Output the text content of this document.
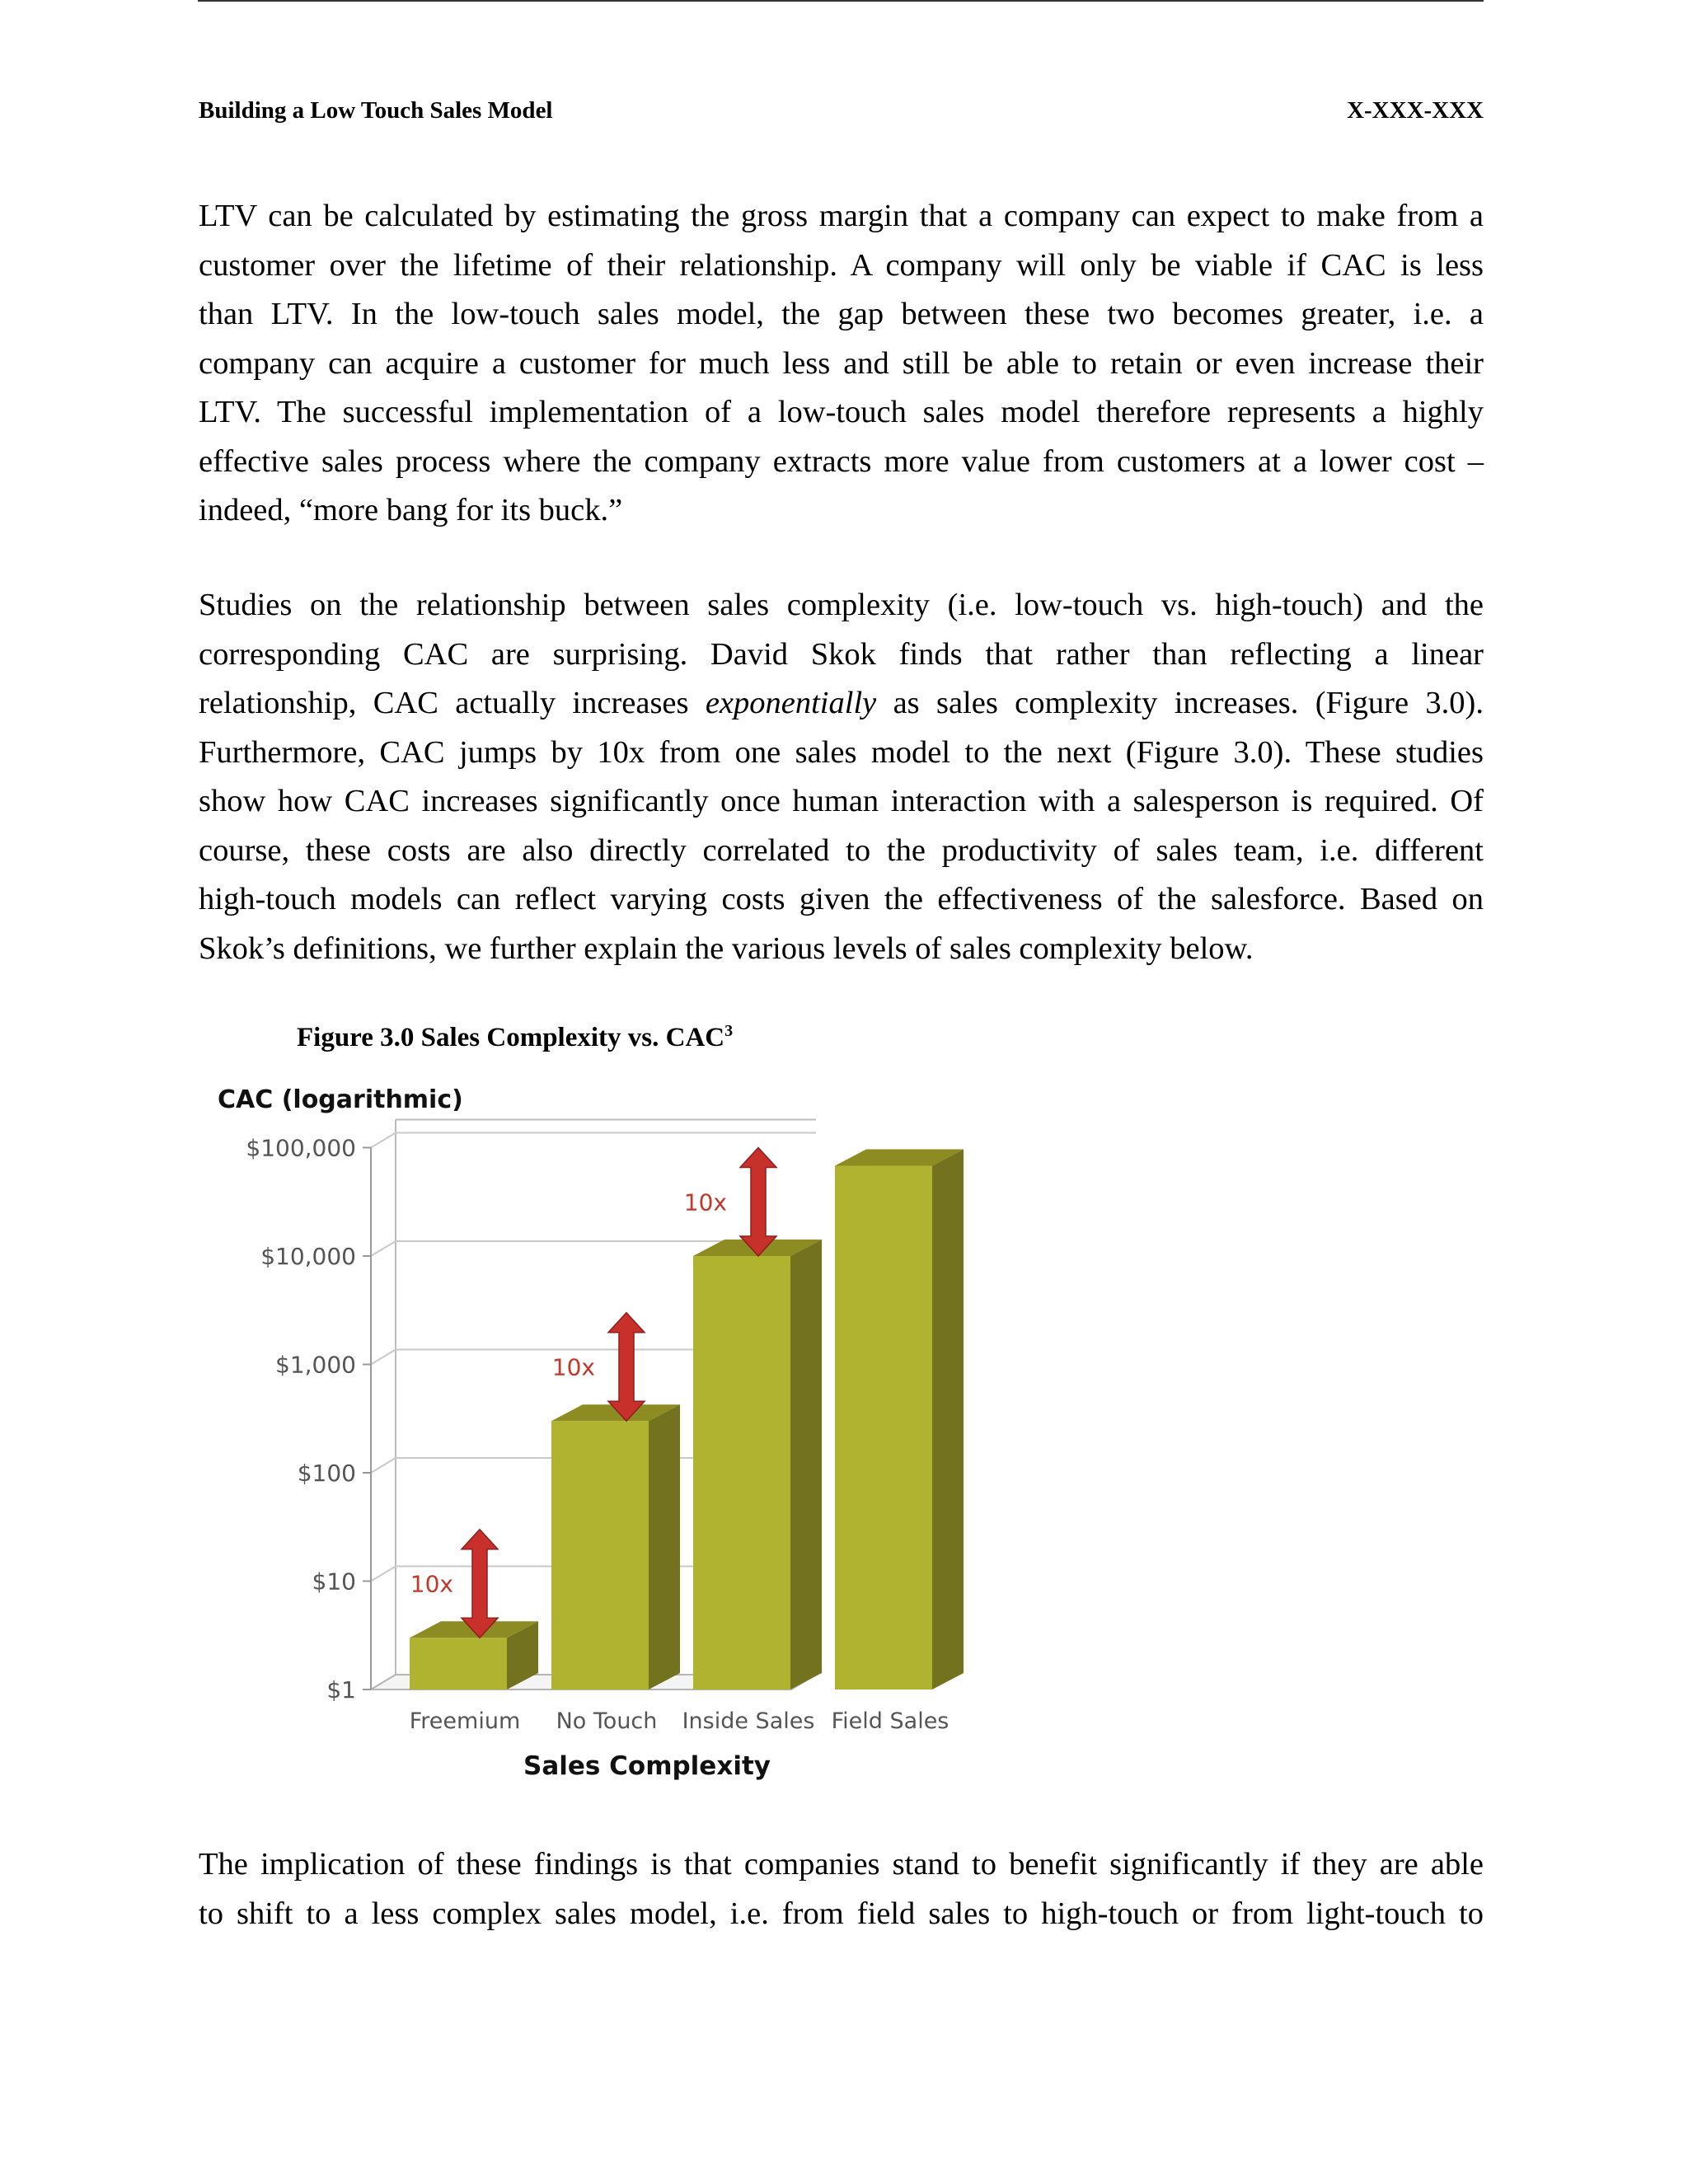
Building a Low Touch Sales Model	X-XXX-XXX

LTV can be calculated by estimating the gross margin that a company can expect to make from a
customer over the lifetime of their relationship. A company will only be viable if CAC is less
than LTV. In the low-touch sales model, the gap between these two becomes greater, i.e. a
company can acquire a customer for much less and still be able to retain or even increase their
LTV. The successful implementation of a low-touch sales model therefore represents a highly
effective sales process where the company extracts more value from customers at a lower cost –
indeed, “more bang for its buck.”

Studies on the relationship between sales complexity (i.e. low-touch vs. high-touch) and the
corresponding CAC are surprising. David Skok finds that rather than reflecting a linear
relationship, CAC actually increases exponentially as sales complexity increases. (Figure 3.0).
Furthermore, CAC jumps by 10x from one sales model to the next (Figure 3.0). These studies
show how CAC increases significantly once human interaction with a salesperson is required. Of
course, these costs are also directly correlated to the productivity of sales team, i.e. different
high-touch models can reflect varying costs given the effectiveness of the salesforce. Based on
Skok’s definitions, we further explain the various levels of sales complexity below.

Figure 3.0 Sales Complexity vs. CAC$^3$
CAC (logarithmic)
$1
$10
$100
$1,000
$10,000
$100,000
Freemium No Touch Inside Sales Field Sales
Sales Complexity
10x
10x
10x

The implication of these findings is that companies stand to benefit significantly if they are able
to shift to a less complex sales model, i.e. from field sales to high-touch or from light-touch to
